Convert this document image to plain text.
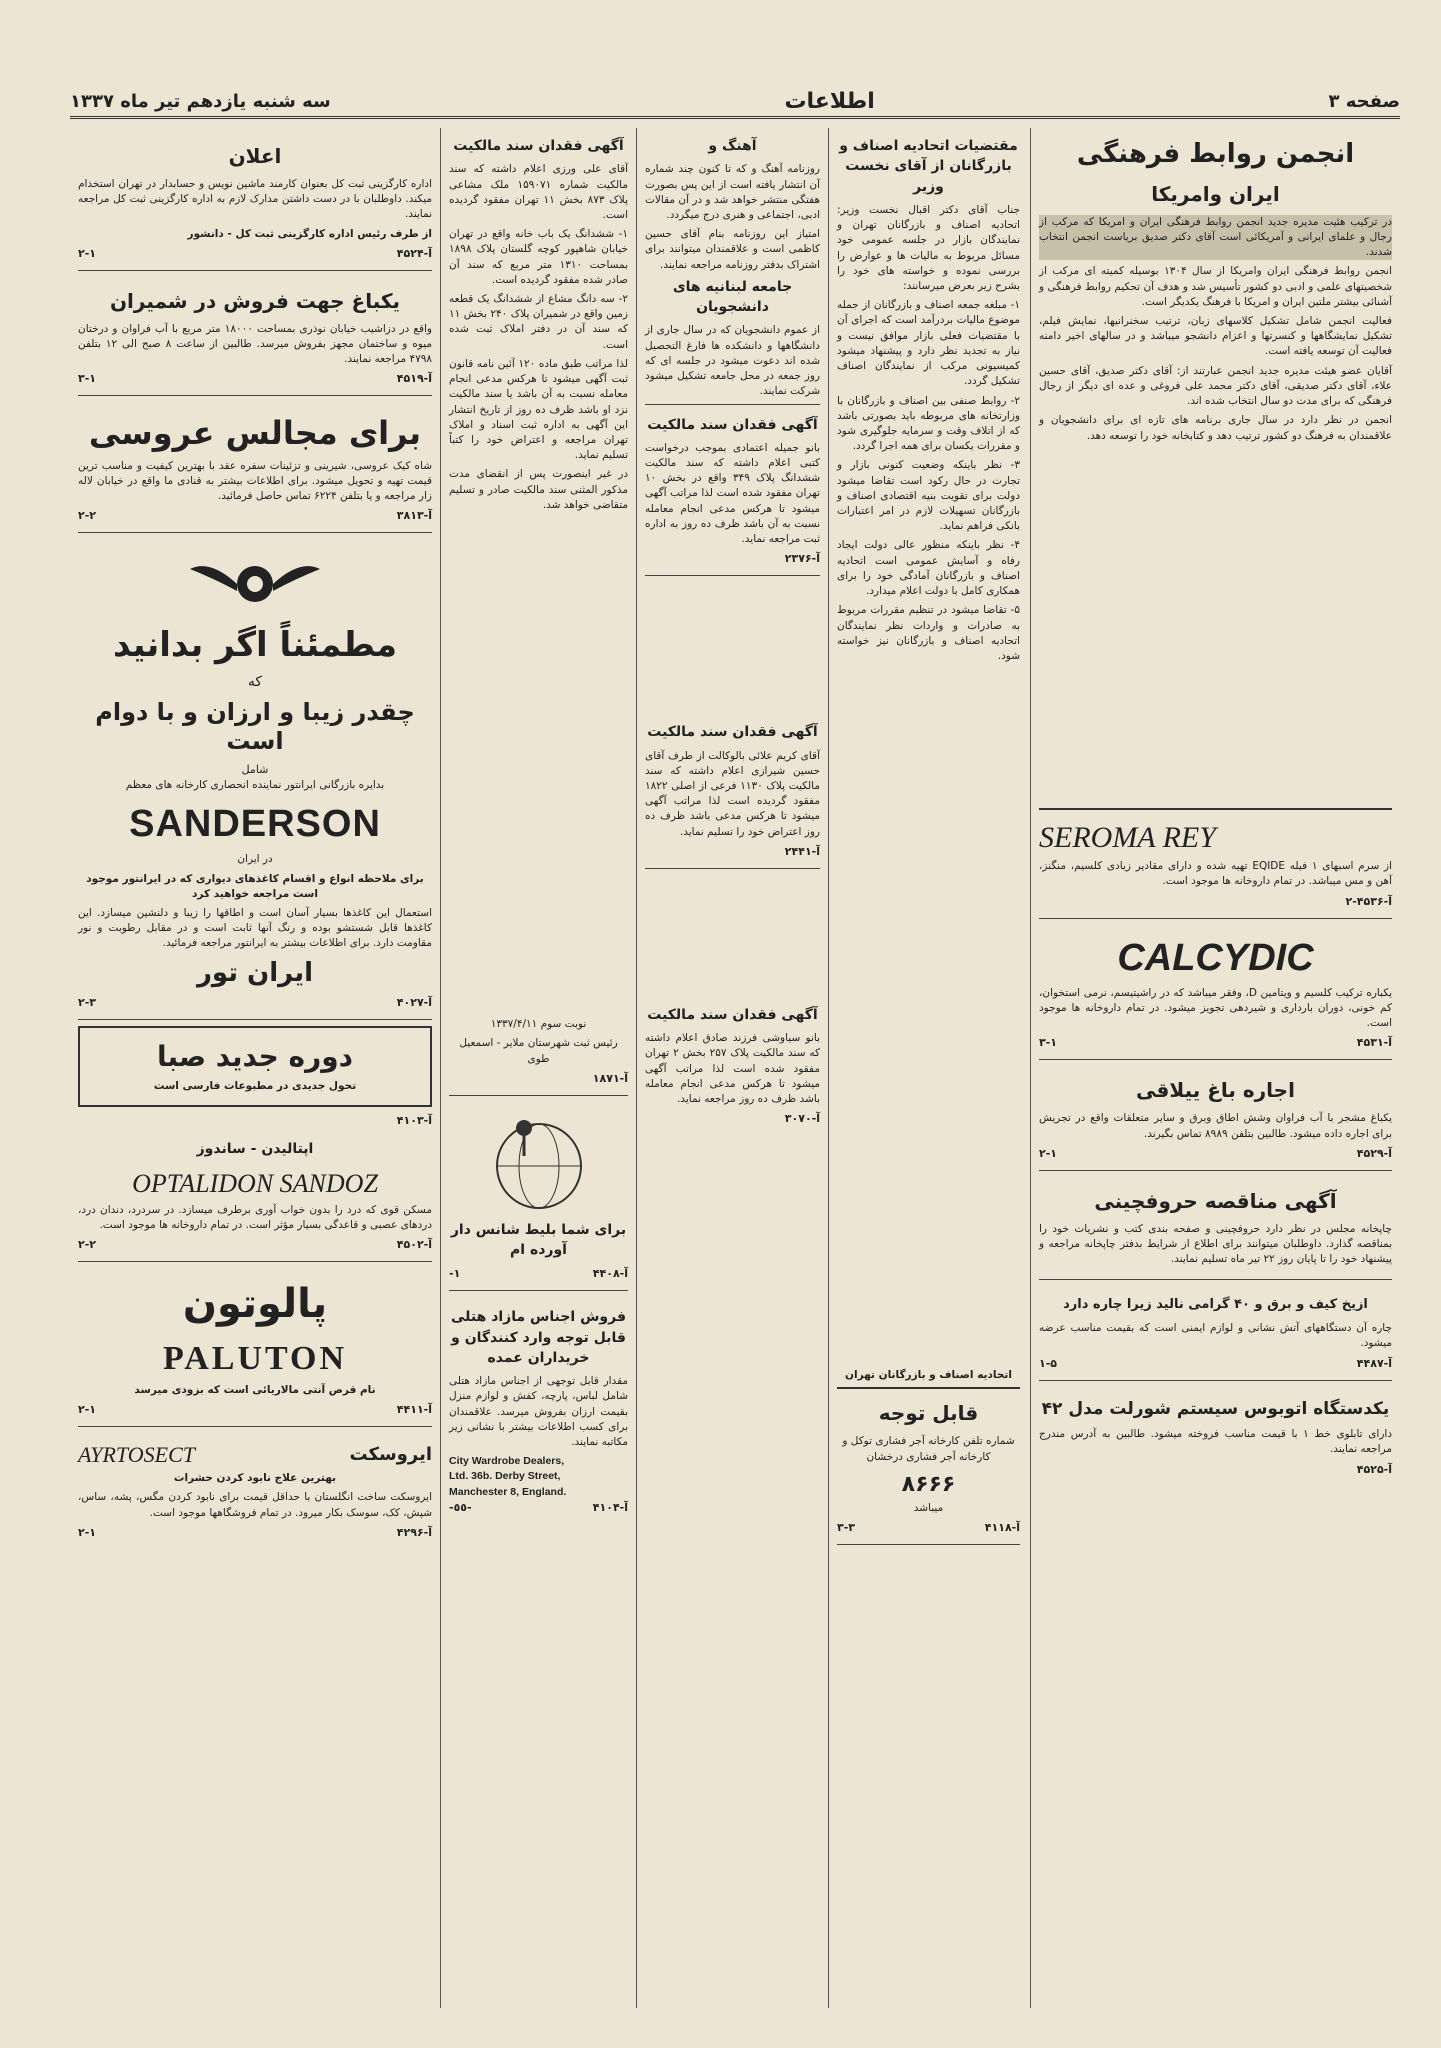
صفحه ۳
اطلاعات
سه شنبه یازدهم تیر ماه ۱۳۳۷
انجمن روابط فرهنگی
ایران وامریکا

در ترکیب هئیت مدیره جدید انجمن روابط فرهنگی ایران و امریکا که مرکب از رجال و علمای ایرانی و آمریکائی است آقای دکتر صدیق بریاست انجمن انتخاب شدند.

انجمن روابط فرهنگی ایران وامریکا از سال ۱۳۰۴ بوسیله کمیته ای مرکب از شخصیتهای علمی و ادبی دو کشور تأسیس شد و هدف آن تحکیم روابط فرهنگی و آشنائی بیشتر ملتین ایران و امریکا با فرهنگ یکدیگر است.

فعالیت انجمن شامل تشکیل کلاسهای زبان، ترتیب سخنرانیها، نمایش فیلم، تشکیل نمایشگاهها و کنسرتها و اعزام دانشجو میباشد و در سالهای اخیر دامنه فعالیت آن توسعه یافته است.

آقایان عضو هیئت مدیره جدید انجمن عبارتند از: آقای دکتر صدیق، آقای حسین علاء، آقای دکتر صدیقی، آقای دکتر محمد علی فروغی و عده ای دیگر از رجال فرهنگی که برای مدت دو سال انتخاب شده اند.

انجمن در نظر دارد در سال جاری برنامه های تازه ای برای دانشجویان و علاقمندان به فرهنگ دو کشور ترتیب دهد و کتابخانه خود را توسعه دهد.

SEROMA REY

از سرم اسبهای ۱ فیله EQIDE تهیه شده و دارای مقادیر زیادی کلسیم، منگنز، آهن و مس میباشد. در تمام داروخانه ها موجود است.

آ-۴۵۳۶-۲
CALCYDIC

یکباره ترکیب کلسیم و ویتامین D، وفقر میباشد که در راشیتیسم، نرمی استخوان، کم خونی، دوران بارداری و شیردهی تجویز میشود. در تمام داروخانه ها موجود است.

آ-۴۵۳۱
۳-۱
اجاره باغ ییلاقی

یکباغ مشجر با آب فراوان وشش اطاق وبرق و سایر متعلقات واقع در تجریش برای اجاره داده میشود. طالبین بتلفن ۸۹۸۹ تماس بگیرند.

آ-۴۵۲۹
۲-۱
آگهی مناقصه حروفچینی

چاپخانه مجلس در نظر دارد حروفچینی و صفحه بندی کتب و نشریات خود را بمناقصه گذارد. داوطلبان میتوانند برای اطلاع از شرایط بدفتر چاپخانه مراجعه و پیشنهاد خود را تا پایان روز ۲۲ تیر ماه تسلیم نمایند.

ازیخ کیف و برق و ۴۰ گرامی نالید زیرا چاره دارد

چاره آن دستگاههای آتش نشانی و لوازم ایمنی است که بقیمت مناسب عرضه میشود.

آ-۴۴۸۷
۱-۵
یکدستگاه اتوبوس سیستم شورلت مدل ۴۲

دارای تابلوی خط ۱ با قیمت مناسب فروخته میشود. طالبین به آدرس مندرج مراجعه نمایند.

آ-۴۵۲۵
مقتضیات اتحادیه اصناف و بازرگانان از آقای نخست وزیر

جناب آقای دکتر اقبال نخست وزیر: اتحادیه اصناف و بازرگانان تهران و نمایندگان بازار در جلسه عمومی خود مسائل مربوط به مالیات ها و عوارض را بررسی نموده و خواسته های خود را بشرح زیر بعرض میرسانند:

۱- مبلغه جمعه اصناف و بازرگانان از جمله موضوع مالیات بردرآمد است که اجرای آن با مقتضیات فعلی بازار موافق نیست و نیاز به تجدید نظر دارد و پیشنهاد میشود کمیسیونی مرکب از نمایندگان اصناف تشکیل گردد.

۲- روابط صنفی بین اصناف و بازرگانان با وزارتخانه های مربوطه باید بصورتی باشد که از اتلاف وقت و سرمایه جلوگیری شود و مقررات یکسان برای همه اجرا گردد.

۳- نظر باینکه وضعیت کنونی بازار و تجارت در حال رکود است تقاضا میشود دولت برای تقویت بنیه اقتصادی اصناف و بازرگانان تسهیلات لازم در امر اعتبارات بانکی فراهم نماید.

۴- نظر باینکه منظور عالی دولت ایجاد رفاه و آسایش عمومی است اتحادیه اصناف و بازرگانان آمادگی خود را برای همکاری کامل با دولت اعلام میدارد.

۵- تقاضا میشود در تنظیم مقررات مربوط به صادرات و واردات نظر نمایندگان اتحادیه اصناف و بازرگانان نیز خواسته شود.

اتحادیه اصناف و بازرگانان تهران

قابل توجه

شماره تلفن کارخانه آجر فشاری توکل و کارخانه آجر فشاری درخشان

۸۶۶۶

میباشد

آ-۴۱۱۸
۳-۳
آهنگ و

روزنامه آهنگ و که تا کنون چند شماره آن انتشار یافته است از این پس بصورت هفتگی منتشر خواهد شد و در آن مقالات ادبی، اجتماعی و هنری درج میگردد.

امتیاز این روزنامه بنام آقای حسین کاظمی است و علاقمندان میتوانند برای اشتراک بدفتر روزنامه مراجعه نمایند.

جامعه لبنانیه های دانشجویان

از عموم دانشجویان که در سال جاری از دانشگاهها و دانشکده ها فارغ التحصیل شده اند دعوت میشود در جلسه ای که روز جمعه در محل جامعه تشکیل میشود شرکت نمایند.

آگهی فقدان سند مالکیت

بانو جمیله اعتمادی بموجب درخواست کتبی اعلام داشته که سند مالکیت ششدانگ پلاک ۳۴۹ واقع در بخش ۱۰ تهران مفقود شده است لذا مراتب آگهی میشود تا هرکس مدعی انجام معامله نسبت به آن باشد ظرف ده روز به اداره ثبت مراجعه نماید.

آ-۲۳۷۶
آگهی فقدان سند مالکیت

آقای کریم علائی بالوکالت از طرف آقای حسین شیرازی اعلام داشته که سند مالکیت پلاک ۱۱۳۰ فرعی از اصلی ۱۸۲۲ مفقود گردیده است لذا مراتب آگهی میشود تا هرکس مدعی باشد ظرف ده روز اعتراض خود را تسلیم نماید.

آ-۲۴۴۱
آگهی فقدان سند مالکیت

بانو سیاوشی فرزند صادق اعلام داشته که سند مالکیت پلاک ۲۵۷ بخش ۲ تهران مفقود شده است لذا مراتب آگهی میشود تا هرکس مدعی انجام معامله باشد ظرف ده روز مراجعه نماید.

آ-۳۰۷۰
آگهی فقدان سند مالکیت

آقای علی ورزی اعلام داشته که سند مالکیت شماره ۱۵۹۰۷۱ ملک مشاعی پلاک ۸۷۳ بخش ۱۱ تهران مفقود گردیده است.

۱- ششدانگ یک باب خانه واقع در تهران خیابان شاهپور کوچه گلستان پلاک ۱۸۹۸ بمساحت ۱۳۱۰ متر مربع که سند آن صادر شده مفقود گردیده است.

۲- سه دانگ مشاع از ششدانگ یک قطعه زمین واقع در شمیران پلاک ۲۴۰ بخش ۱۱ که سند آن در دفتر املاک ثبت شده است.

لذا مراتب طبق ماده ۱۲۰ آئین نامه قانون ثبت آگهی میشود تا هرکس مدعی انجام معامله نسبت به آن باشد یا سند مالکیت نزد او باشد ظرف ده روز از تاریخ انتشار این آگهی به اداره ثبت اسناد و املاک تهران مراجعه و اعتراض خود را کتباً تسلیم نماید.

در غیر اینصورت پس از انقضای مدت مذکور المثنی سند مالکیت صادر و تسلیم متقاضی خواهد شد.

نوبت سوم ۱۳۳۷/۴/۱۱

رئیس ثبت شهرستان ملایر - اسمعیل طوی

آ-۱۸۷۱
برای شما بلیط شانس دار آورده ام
آ-۴۴۰۸
۱-
فروش اجناس مازاد هتلی قابل توجه وارد کنندگان و خریداران عمده

مقدار قابل توجهی از اجناس مازاد هتلی شامل لباس، پارچه، کفش و لوازم منزل بقیمت ارزان بفروش میرسد. علاقمندان برای کسب اطلاعات بیشتر با نشانی زیر مکاتبه نمایند.

City Wardrobe Dealers,
Ltd. 36b. Derby Street,
Manchester 8, England.
آ-۴۱۰۴
-٥٥-
اعلان

اداره کارگزینی ثبت کل بعنوان کارمند ماشین نویس و حسابدار در تهران استخدام میکند. داوطلبان با در دست داشتن مدارک لازم به اداره کارگزینی ثبت کل مراجعه نمایند.

از طرف رئیس اداره کارگزینی ثبت کل - دانشور

آ-۴۵۲۴
۲-۱
یکباغ جهت فروش در شمیران

واقع در دزاشیب خیابان نوذری بمساحت ۱۸۰۰۰ متر مربع با آب فراوان و درختان میوه و ساختمان مجهز بفروش میرسد. طالبین از ساعت ۸ صبح الی ۱۲ بتلفن ۴۷۹۸ مراجعه نمایند.

آ-۴۵۱۹
۳-۱
برای مجالس عروسی

شاه کیک عروسی، شیرینی و تزئینات سفره عقد با بهترین کیفیت و مناسب ترین قیمت تهیه و تحویل میشود. برای اطلاعات بیشتر به قنادی ما واقع در خیابان لاله زار مراجعه و یا بتلفن ۶۲۲۴ تماس حاصل فرمائید.

آ-۳۸۱۳
۲-۲
مطمئناً اگر بدانید
که
چقدر زیبا و ارزان و با دوام است
شامل

بدایره بازرگانی ایرانتور نماینده انحصاری کارخانه های معظم

SANDERSON

در ایران

برای ملاحظه انواع و اقسام کاغذهای دیواری که در ایرانتور موجود است مراجعه خواهید کرد

استعمال این کاغذها بسیار آسان است و اطاقها را زیبا و دلنشین میسازد. این کاغذها قابل شستشو بوده و رنگ آنها ثابت است و در مقابل رطوبت و نور مقاومت دارد. برای اطلاعات بیشتر به ایرانتور مراجعه فرمائید.

ایران تور
آ-۴۰۲۷
۲-۳
دوره جدید صبا

تحول جدیدی در مطبوعات فارسی است

آ-۴۱۰۳
اپتالیدن - ساندوز
OPTALIDON SANDOZ

مسکن قوی که درد را بدون خواب آوری برطرف میسازد. در سردرد، دندان درد، دردهای عصبی و قاعدگی بسیار مؤثر است. در تمام داروخانه ها موجود است.

آ-۴۵۰۲
۲-۲
پالوتون
PALUTON

نام قرص آنتی مالاریائی است که بزودی میرسد

آ-۴۴۱۱
۲-۱
ایروسکت
AYRTOSECT

بهترین علاج نابود کردن حشرات

ایروسکت ساخت انگلستان با حداقل قیمت برای نابود کردن مگس، پشه، ساس، شپش، کک، سوسک بکار میرود. در تمام فروشگاهها موجود است.

آ-۴۲۹۶
۲-۱
